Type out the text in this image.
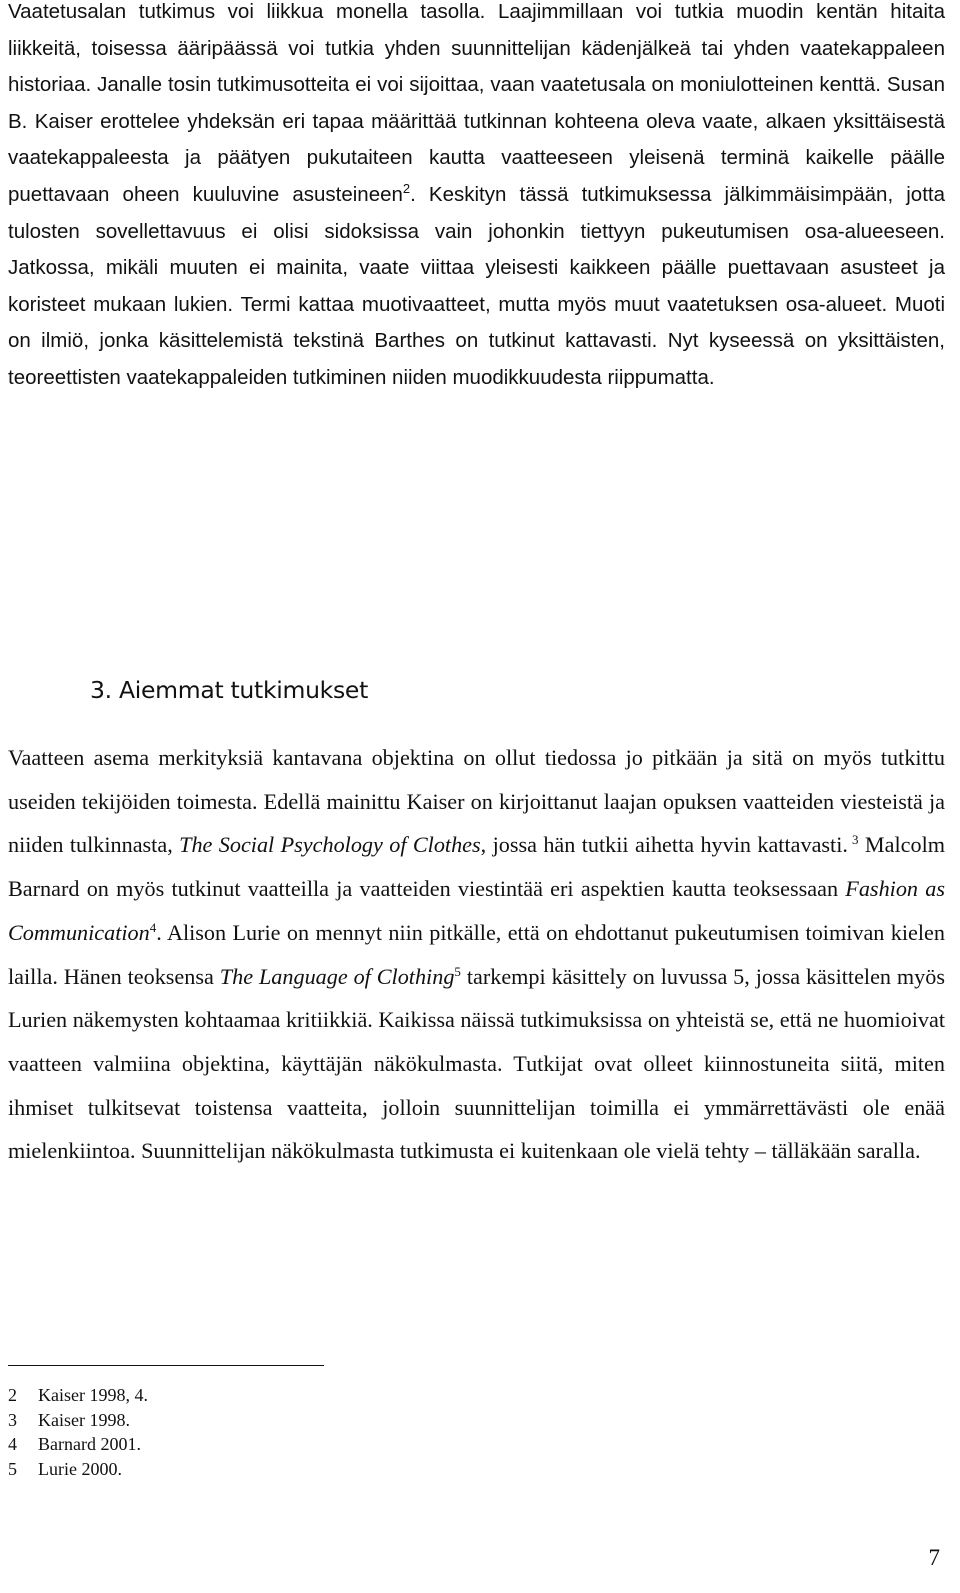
Vaatetusalan tutkimus voi liikkua monella tasolla. Laajimmillaan voi tutkia muodin kentän hitaita liikkeitä, toisessa ääripäässä voi tutkia yhden suunnittelijan kädenjälkeä tai yhden vaatekappaleen historiaa. Janalle tosin tutkimusotteita ei voi sijoittaa, vaan vaatetusala on moniulotteinen kenttä. Susan B. Kaiser erottelee yhdeksän eri tapaa määrittää tutkinnan kohteena oleva vaate, alkaen yksittäisestä vaatekappaleesta ja päätyen pukutaiteen kautta vaatteeseen yleisenä terminä kaikelle päälle puettavaan oheen kuuluvine asusteineen$^2$. Keskityn tässä tutkimuksessa jälkimmäisimpään, jotta tulosten sovellettavuus ei olisi sidoksissa vain johonkin tiettyyn pukeutumisen osa-alueeseen. Jatkossa, mikäli muuten ei mainita, vaate viittaa yleisesti kaikkeen päälle puettavaan asusteet ja koristeet mukaan lukien. Termi kattaa muotivaatteet, mutta myös muut vaatetuksen osa-alueet. Muoti on ilmiö, jonka käsittelemistä tekstinä Barthes on tutkinut kattavasti. Nyt kyseessä on yksittäisten, teoreettisten vaatekappaleiden tutkiminen niiden muodikkuudesta riippumatta.

3. Aiemmat tutkimukset

Vaatteen asema merkityksiä kantavana objektina on ollut tiedossa jo pitkään ja sitä on myös tutkittu useiden tekijöiden toimesta. Edellä mainittu Kaiser on kirjoittanut laajan opuksen vaatteiden viesteistä ja niiden tulkinnasta, The Social Psychology of Clothes, jossa hän tutkii aihetta hyvin kattavasti. $^3$ Malcolm Barnard on myös tutkinut vaatteilla ja vaatteiden viestintää eri aspektien kautta teoksessaan Fashion as Communication$^4$. Alison Lurie on mennyt niin pitkälle, että on ehdottanut pukeutumisen toimivan kielen lailla. Hänen teoksensa The Language of Clothing$^5$ tarkempi käsittely on luvussa 5, jossa käsittelen myös Lurien näkemysten kohtaamaa kritiikkiä. Kaikissa näissä tutkimuksissa on yhteistä se, että ne huomioivat vaatteen valmiina objektina, käyttäjän näkökulmasta. Tutkijat ovat olleet kiinnostuneita siitä, miten ihmiset tulkitsevat toistensa vaatteita, jolloin suunnittelijan toimilla ei ymmärrettävästi ole enää mielenkiintoa. Suunnittelijan näkökulmasta tutkimusta ei kuitenkaan ole vielä tehty – tälläkään saralla.

2 Kaiser 1998, 4.
3 Kaiser 1998.
4 Barnard 2001.
5 Lurie 2000.
7
